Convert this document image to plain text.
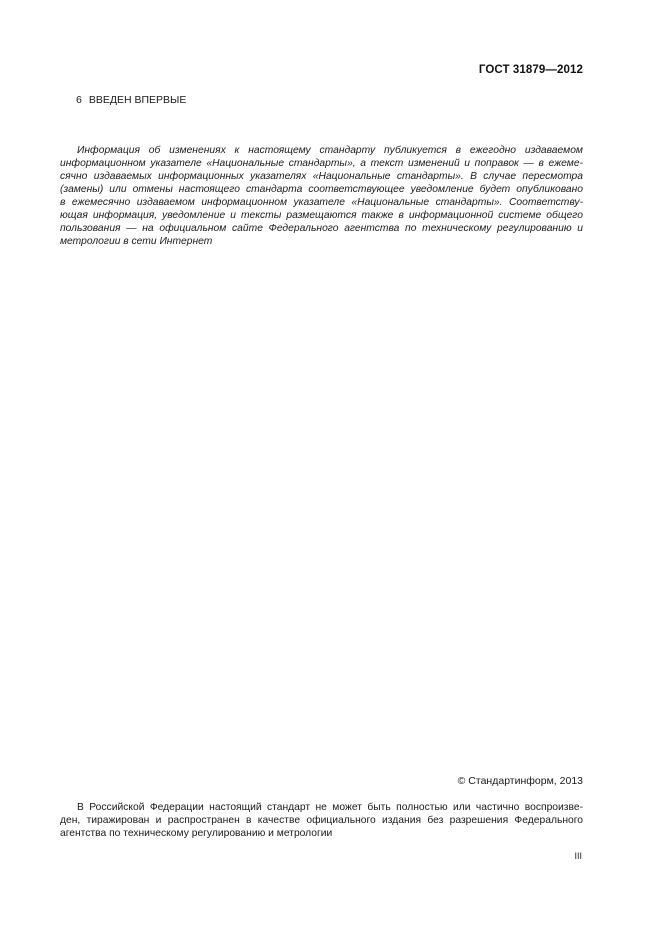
ГОСТ 31879—2012
6 ВВЕДЕН ВПЕРВЫЕ
Информация об изменениях к настоящему стандарту публикуется в ежегодно издаваемом
информационном указателе «Национальные стандарты», а текст изменений и поправок — в ежеме-
сячно издаваемых информационных указателях «Национальные стандарты». В случае пересмотра
(замены) или отмены настоящего стандарта соответствующее уведомление будет опубликовано
в ежемесячно издаваемом информационном указателе «Национальные стандарты». Соответству-
ющая информация, уведомление и тексты размещаются также в информационной системе общего
пользования — на официальном сайте Федерального агентства по техническому регулированию и
метрологии в сети Интернет
© Стандартинформ, 2013
В Российской Федерации настоящий стандарт не может быть полностью или частично воспроизве-
ден, тиражирован и распространен в качестве официального издания без разрешения Федерального
агентства по техническому регулированию и метрологии
III
